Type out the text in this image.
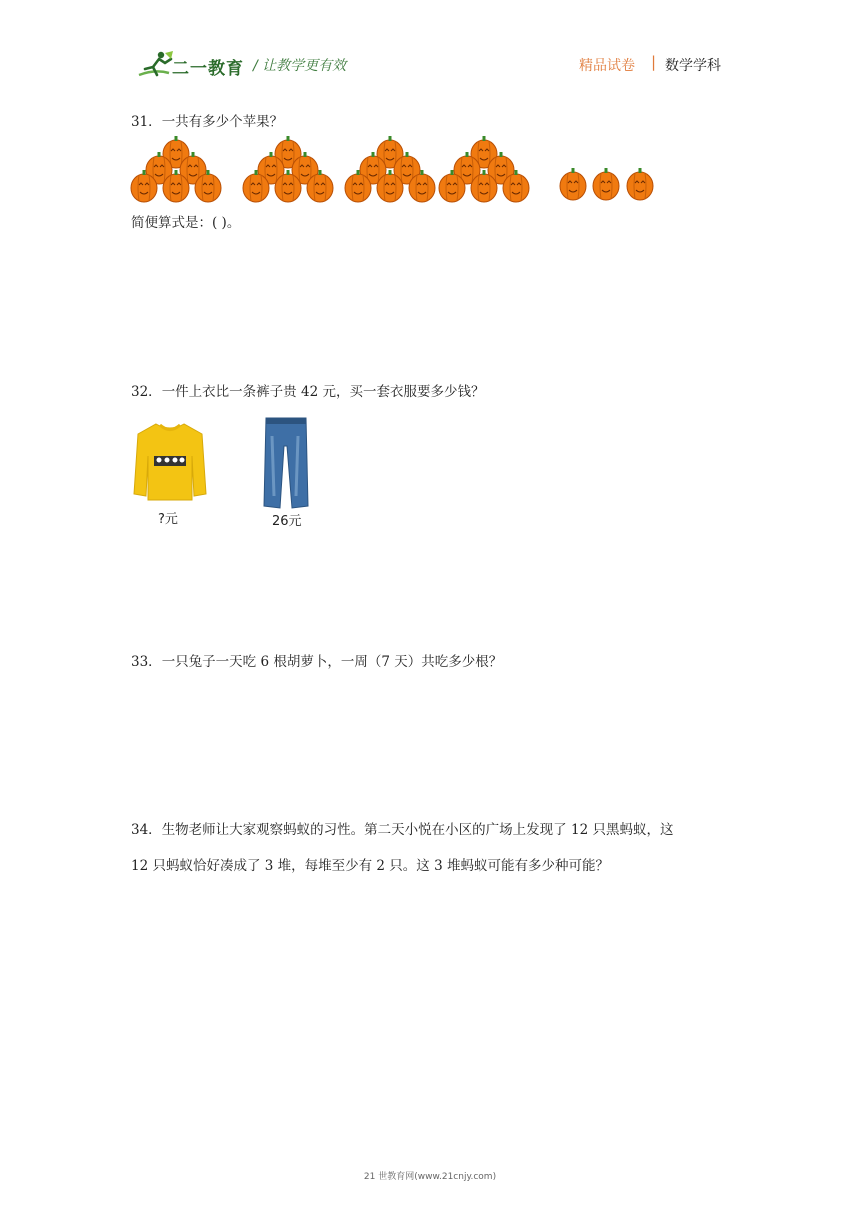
二一教育 / 让教学更有效	精品试卷 | 数学学科
31．一共有多少个苹果？
简便算式是：( )。
32．一件上衣比一条裤子贵 42 元，买一套衣服要多少钱？
?元	26元
33．一只兔子一天吃 6 根胡萝卜，一周（7 天）共吃多少根？
34．生物老师让大家观察蚂蚁的习性。第二天小悦在小区的广场上发现了 12 只黑蚂蚁，这
12 只蚂蚁恰好凑成了 3 堆，每堆至少有 2 只。这 3 堆蚂蚁可能有多少种可能？
21 世教育网(www.21cnjy.com)
